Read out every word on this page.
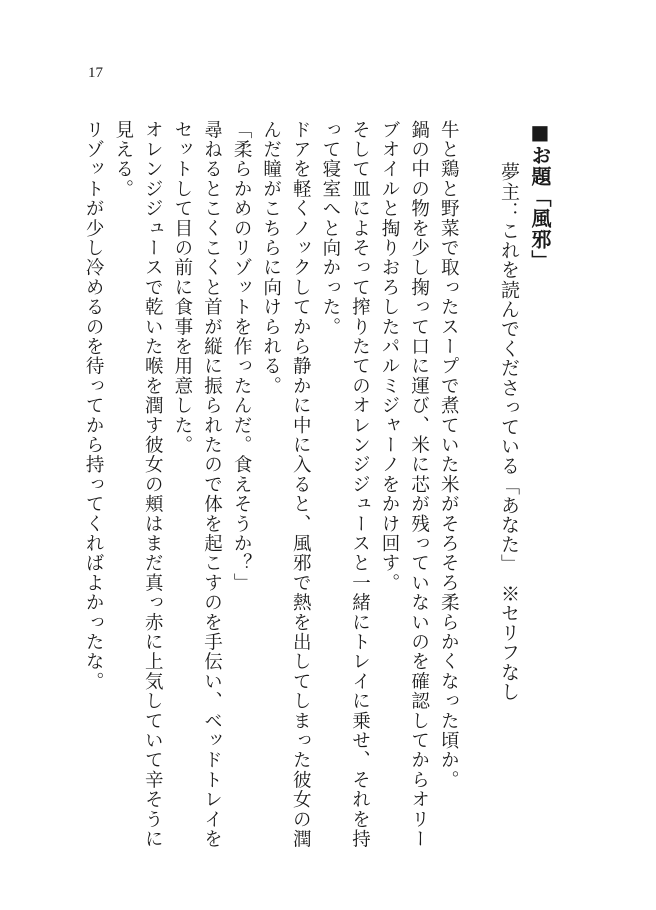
17

■お題「風邪」

夢主：これを読んでくださっている「あなた」　※セリフなし

牛と鶏と野菜で取ったスープで煮ていた米がそろそろ柔らかくなった頃か。

鍋の中の物を少し掬って口に運び、米に芯が残っていないのを確認してからオリーブオイルと掏りおろしたパルミジャーノをかけ回す。

そして皿によそって搾りたてのオレンジジュースと一緒にトレイに乗せ、それを持って寝室へと向かった。

ドアを軽くノックしてから静かに中に入ると、風邪で熱を出してしまった彼女の潤んだ瞳がこちらに向けられる。

「柔らかめのリゾットを作ったんだ。食えそうか？」

尋ねるとこくこくと首が縦に振られたので体を起こすのを手伝い、ベッドトレイをセットして目の前に食事を用意した。

オレンジジュースで乾いた喉を潤す彼女の頬はまだ真っ赤に上気していて辛そうに見える。

リゾットが少し冷めるのを待ってから持ってくればよかったな。
